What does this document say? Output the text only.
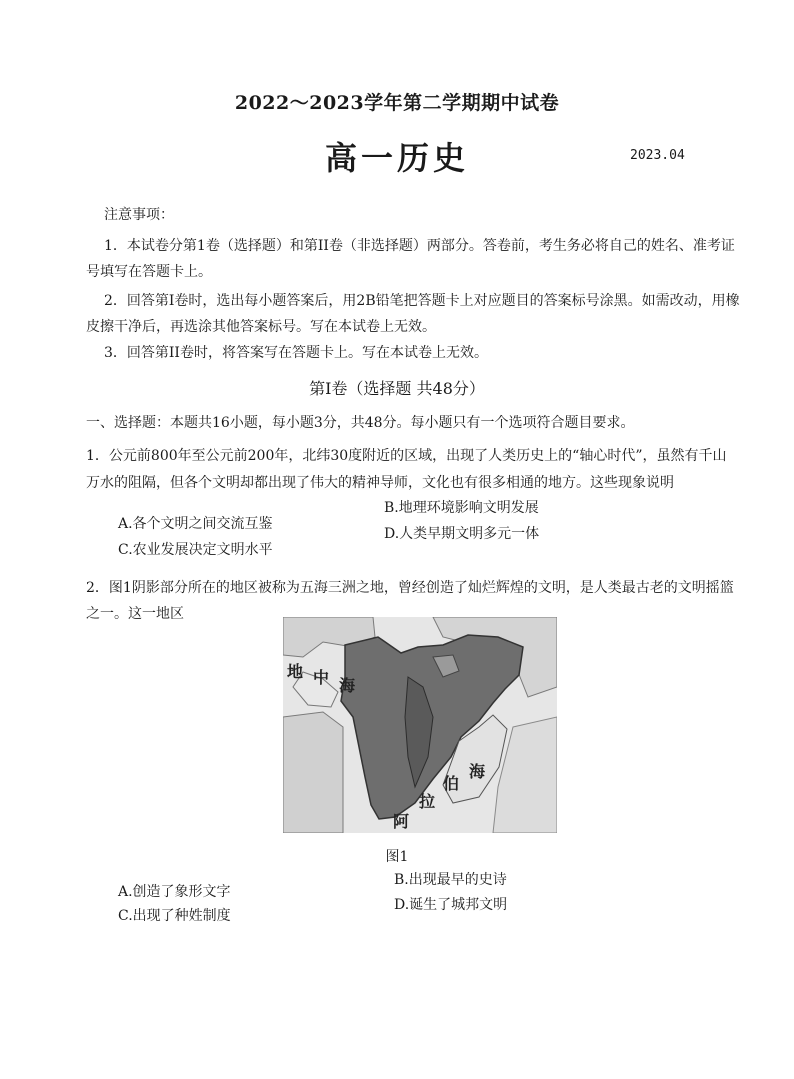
2022～2023学年第二学期期中试卷
高一历史	2023.04
注意事项：
1．本试卷分第1卷（选择题）和第II卷（非选择题）两部分。答卷前，考生务必将自己的姓名、准考证
号填写在答题卡上。
2．回答第I卷时，选出每小题答案后，用2B铅笔把答题卡上对应题目的答案标号涂黑。如需改动，用橡
皮擦干净后，再选涂其他答案标号。写在本试卷上无效。
3．回答第II卷时，将答案写在答题卡上。写在本试卷上无效。
第I卷（选择题 共48分）
一、选择题：本题共16小题，每小题3分，共48分。每小题只有一个选项符合题目要求。
1．公元前800年至公元前200年，北纬30度附近的区域，出现了人类历史上的“轴心时代”，虽然有千山
万水的阻隔，但各个文明却都出现了伟大的精神导师，文化也有很多相通的地方。这些现象说明
A.各个文明之间交流互鉴
B.地理环境影响文明发展
C.农业发展决定文明水平
D.人类早期文明多元一体
2．图1阴影部分所在的地区被称为五海三洲之地，曾经创造了灿烂辉煌的文明，是人类最古老的文明摇篮
之一。这一地区
地 中 海
阿
拉
伯
海
图1
A.创造了象形文字
B.出现最早的史诗
C.出现了种姓制度
D.诞生了城邦文明
